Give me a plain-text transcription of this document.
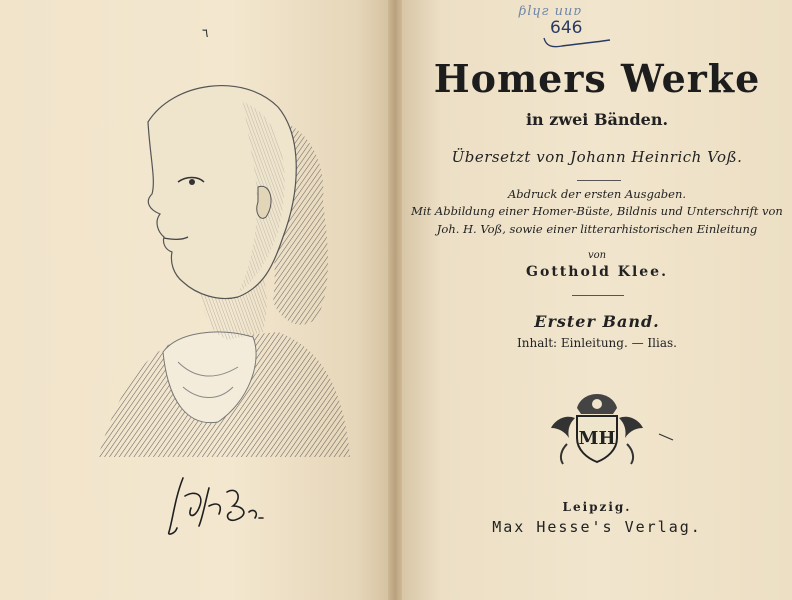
٦
ƥlɥƨ uuɐ
646
Homers Werke
in zwei Bänden.
Übersetzt von Johann Heinrich Voß.
Abdruck der ersten Ausgaben.
Mit Abbildung einer Homer-Büste, Bildnis und Unterschrift von
Joh. H. Voß, sowie einer litterarhistorischen Einleitung
von
Gotthold Klee.
Erster Band.
Inhalt: Einleitung. — Ilias.
MH
Leipzig.
Max Hesse's Verlag.
